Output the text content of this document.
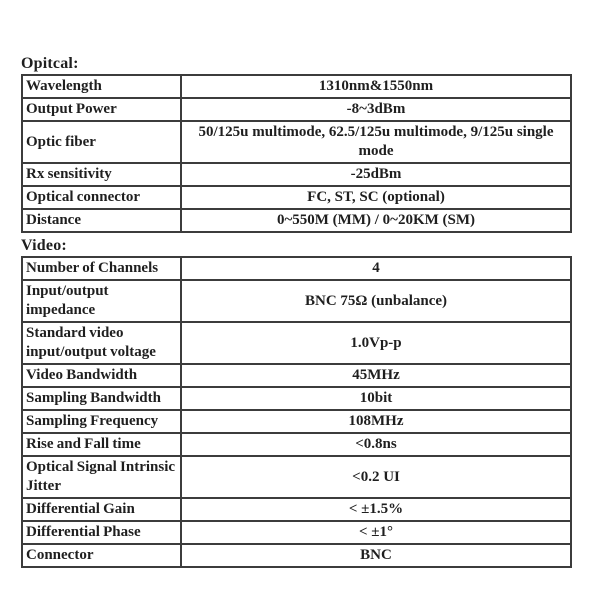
Opitcal:
Wavelength	1310nm&1550nm
Output Power	-8~3dBm
Optic fiber	50/125u multimode, 62.5/125u multimode, 9/125u single mode
Rx sensitivity	-25dBm
Optical connector	FC, ST, SC (optional)
Distance	0~550M (MM) / 0~20KM (SM)
Video:
Number of Channels	4
Input/output impedance	BNC 75Ω (unbalance)
Standard video input/output voltage	1.0Vp-p
Video Bandwidth	45MHz
Sampling Bandwidth	10bit
Sampling Frequency	108MHz
Rise and Fall time	<0.8ns
Optical Signal Intrinsic Jitter	<0.2 UI
Differential Gain	< ±1.5%
Differential Phase	< ±1°
Connector	BNC
